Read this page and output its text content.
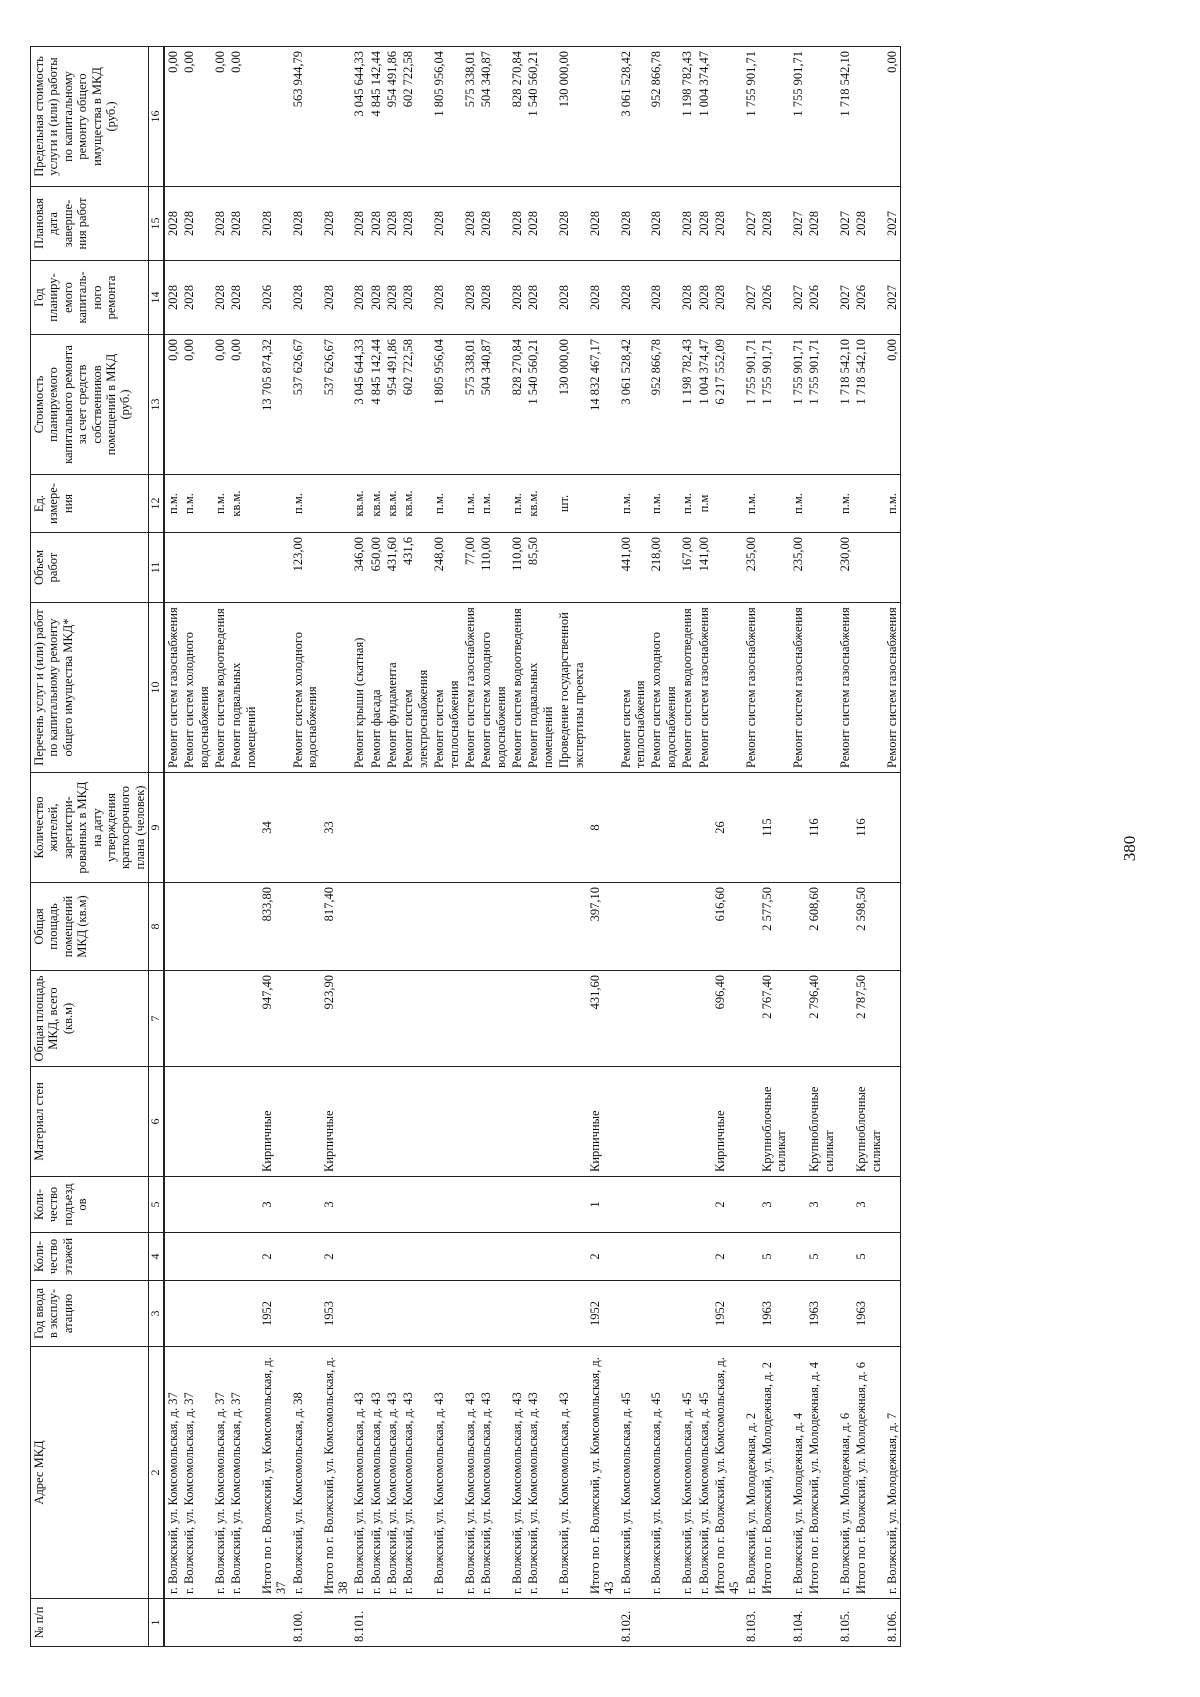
380
№ п/п	Адрес МКД	Год ввода в эксплу-атацию	Коли-чество этажей	Коли-чество подъездов	Материал стен	Общая площадь МКД, всего (кв.м)	Общая площадь помещений МКД (кв.м)	Количество жителей, зарегистри-рованных в МКД на дату утверждения краткосрочного плана (человек)	Перечень услуг и (или) работ по капитальному ремонту общего имущества МКД*	Объем работ	Ед. измере-ния	Стоимость планируемого капитального ремонта за счет средств собственников помещений в МКД (руб.)	Год планиру-емого капиталь-ного ремонта	Плановая дата заверше-ния работ	Предельная стоимость услуги и (или) работы по капитальному ремонту общего имущества в МКД (руб.)
1	2	3	4	5	6	7	8	9	10	11	12	13	14	15	16
	г. Волжский, ул. Комсомольская, д. 37								Ремонт систем газоснабжения		п.м.	0,00	2028	2028	0,00
	г. Волжский, ул. Комсомольская, д. 37								Ремонт систем холодного водоснабжения		п.м.	0,00	2028	2028	0,00
	г. Волжский, ул. Комсомольская, д. 37								Ремонт систем водоотведения		п.м.	0,00	2028	2028	0,00
	г. Волжский, ул. Комсомольская, д. 37								Ремонт подвальных помещений		кв.м.	0,00	2028	2028	0,00
	Итого по г. Волжский, ул. Комсомольская, д. 37	1952	2	3	Кирпичные	947,40	833,80	34				13 705 874,32	2026	2028	
8.100.	г. Волжский, ул. Комсомольская, д. 38								Ремонт систем холодного водоснабжения	123,00	п.м.	537 626,67	2028	2028	563 944,79
	Итого по г. Волжский, ул. Комсомольская, д. 38	1953	2	3	Кирпичные	923,90	817,40	33				537 626,67	2028	2028	
8.101.	г. Волжский, ул. Комсомольская, д. 43								Ремонт крыши (скатная)	346,00	кв.м.	3 045 644,33	2028	2028	3 045 644,33
	г. Волжский, ул. Комсомольская, д. 43								Ремонт фасада	650,00	кв.м.	4 845 142,44	2028	2028	4 845 142,44
	г. Волжский, ул. Комсомольская, д. 43								Ремонт фундамента	431,60	кв.м.	954 491,86	2028	2028	954 491,86
	г. Волжский, ул. Комсомольская, д. 43								Ремонт систем электроснабжения	431,6	кв.м.	602 722,58	2028	2028	602 722,58
	г. Волжский, ул. Комсомольская, д. 43								Ремонт систем теплоснабжения	248,00	п.м.	1 805 956,04	2028	2028	1 805 956,04
	г. Волжский, ул. Комсомольская, д. 43								Ремонт систем газоснабжения	77,00	п.м.	575 338,01	2028	2028	575 338,01
	г. Волжский, ул. Комсомольская, д. 43								Ремонт систем холодного водоснабжения	110,00	п.м.	504 340,87	2028	2028	504 340,87
	г. Волжский, ул. Комсомольская, д. 43								Ремонт систем водоотведения	110,00	п.м.	828 270,84	2028	2028	828 270,84
	г. Волжский, ул. Комсомольская, д. 43								Ремонт подвальных помещений	85,50	кв.м.	1 540 560,21	2028	2028	1 540 560,21
	г. Волжский, ул. Комсомольская, д. 43								Проведение государственной экспертизы проекта		шт.	130 000,00	2028	2028	130 000,00
	Итого по г. Волжский, ул. Комсомольская, д. 43	1952	2	1	Кирпичные	431,60	397,10	8				14 832 467,17	2028	2028	
8.102.	г. Волжский, ул. Комсомольская, д. 45								Ремонт систем теплоснабжения	441,00	п.м.	3 061 528,42	2028	2028	3 061 528,42
	г. Волжский, ул. Комсомольская, д. 45								Ремонт систем холодного водоснабжения	218,00	п.м.	952 866,78	2028	2028	952 866,78
	г. Волжский, ул. Комсомольская, д. 45								Ремонт систем водоотведения	167,00	п.м.	1 198 782,43	2028	2028	1 198 782,43
	г. Волжский, ул. Комсомольская, д. 45								Ремонт систем газоснабжения	141,00	п.м	1 004 374,47	2028	2028	1 004 374,47
	Итого по г. Волжский, ул. Комсомольская, д. 45	1952	2	2	Кирпичные	696,40	616,60	26				6 217 552,09	2028	2028	
8.103.	г. Волжский, ул. Молодежная, д. 2								Ремонт систем газоснабжения	235,00	п.м.	1 755 901,71	2027	2027	1 755 901,71
	Итого по г. Волжский, ул. Молодежная, д. 2	1963	5	3	Крупноблочные силикат	2 767,40	2 577,50	115				1 755 901,71	2026	2028	
8.104.	г. Волжский, ул. Молодежная, д. 4								Ремонт систем газоснабжения	235,00	п.м.	1 755 901,71	2027	2027	1 755 901,71
	Итого по г. Волжский, ул. Молодежная, д. 4	1963	5	3	Крупноблочные силикат	2 796,40	2 608,60	116				1 755 901,71	2026	2028	
8.105.	г. Волжский, ул. Молодежная, д. 6								Ремонт систем газоснабжения	230,00	п.м.	1 718 542,10	2027	2027	1 718 542,10
	Итого по г. Волжский, ул. Молодежная, д. 6	1963	5	3	Крупноблочные силикат	2 787,50	2 598,50	116				1 718 542,10	2026	2028	
8.106.	г. Волжский, ул. Молодежная, д. 7								Ремонт систем газоснабжения		п.м.	0,00	2027	2027	0,00
